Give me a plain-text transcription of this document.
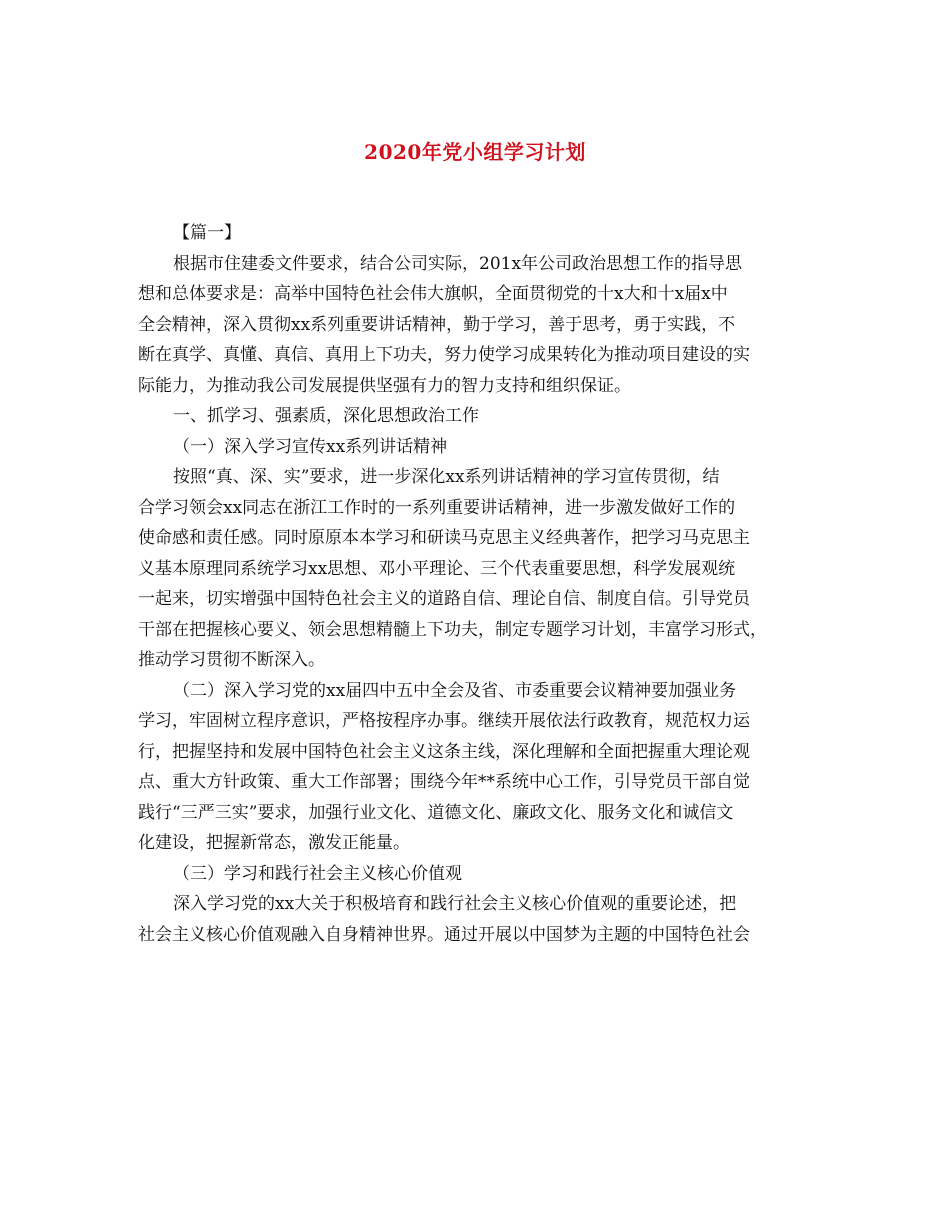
2020年党小组学习计划
【篇一】
根据市住建委文件要求，结合公司实际，201x年公司政治思想工作的指导思
想和总体要求是：高举中国特色社会伟大旗帜，全面贯彻党的十x大和十x届x中
全会精神，深入贯彻xx系列重要讲话精神，勤于学习，善于思考，勇于实践，不
断在真学、真懂、真信、真用上下功夫，努力使学习成果转化为推动项目建设的实
际能力，为推动我公司发展提供坚强有力的智力支持和组织保证。
一、抓学习、强素质，深化思想政治工作
（一）深入学习宣传xx系列讲话精神
按照“真、深、实”要求，进一步深化xx系列讲话精神的学习宣传贯彻，结
合学习领会xx同志在浙江工作时的一系列重要讲话精神，进一步激发做好工作的
使命感和责任感。同时原原本本学习和研读马克思主义经典著作，把学习马克思主
义基本原理同系统学习xx思想、邓小平理论、三个代表重要思想，科学发展观统
一起来，切实增强中国特色社会主义的道路自信、理论自信、制度自信。引导党员
干部在把握核心要义、领会思想精髓上下功夫，制定专题学习计划，丰富学习形式，
推动学习贯彻不断深入。
（二）深入学习党的xx届四中五中全会及省、市委重要会议精神要加强业务
学习，牢固树立程序意识，严格按程序办事。继续开展依法行政教育，规范权力运
行，把握坚持和发展中国特色社会主义这条主线，深化理解和全面把握重大理论观
点、重大方针政策、重大工作部署；围绕今年**系统中心工作，引导党员干部自觉
践行“三严三实”要求，加强行业文化、道德文化、廉政文化、服务文化和诚信文
化建设，把握新常态，激发正能量。
（三）学习和践行社会主义核心价值观
深入学习党的xx大关于积极培育和践行社会主义核心价值观的重要论述，把
社会主义核心价值观融入自身精神世界。通过开展以中国梦为主题的中国特色社会
